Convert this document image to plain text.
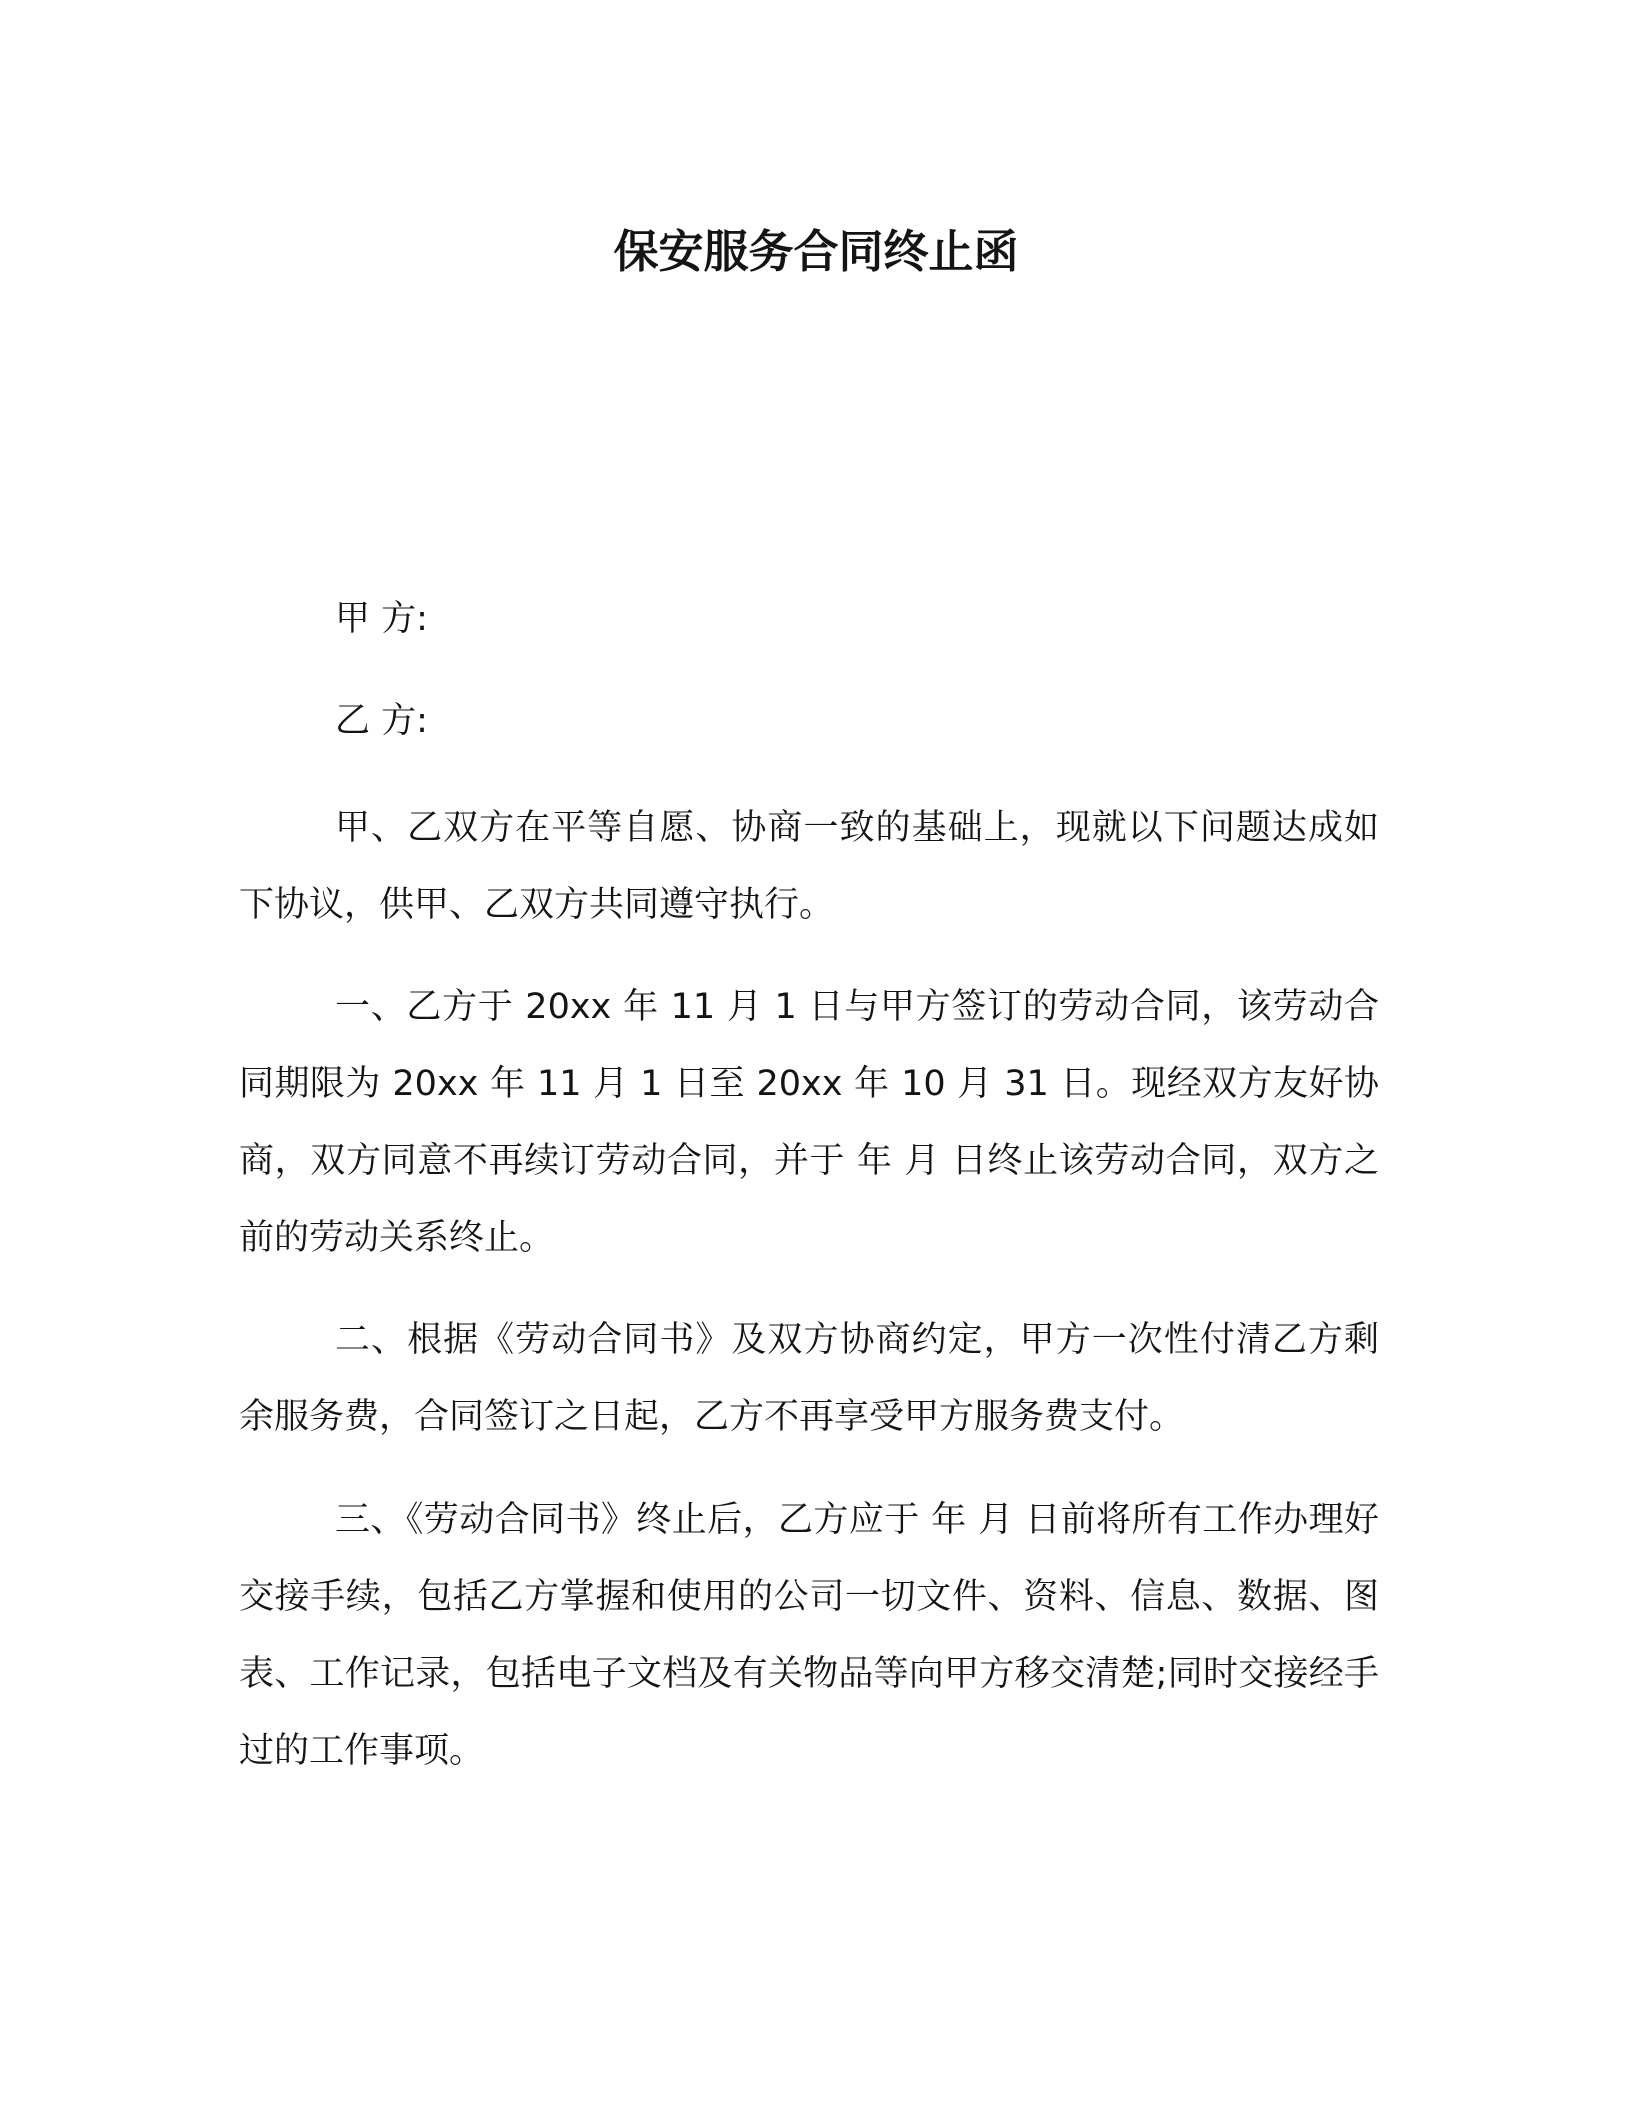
保安服务合同终止函

甲 方:

乙 方:

甲、乙双方在平等自愿、协商一致的基础上，现就以下问题达成如下协议，供甲、乙双方共同遵守执行。

一、乙方于 20xx 年 11 月 1 日与甲方签订的劳动合同，该劳动合同期限为 20xx 年 11 月 1 日至 20xx 年 10 月 31 日。现经双方友好协商，双方同意不再续订劳动合同，并于 年 月 日终止该劳动合同，双方之前的劳动关系终止。

二、根据《劳动合同书》及双方协商约定，甲方一次性付清乙方剩余服务费，合同签订之日起，乙方不再享受甲方服务费支付。

三、《劳动合同书》终止后，乙方应于 年 月 日前将所有工作办理好交接手续，包括乙方掌握和使用的公司一切文件、资料、信息、数据、图表、工作记录，包括电子文档及有关物品等向甲方移交清楚;同时交接经手过的工作事项。
